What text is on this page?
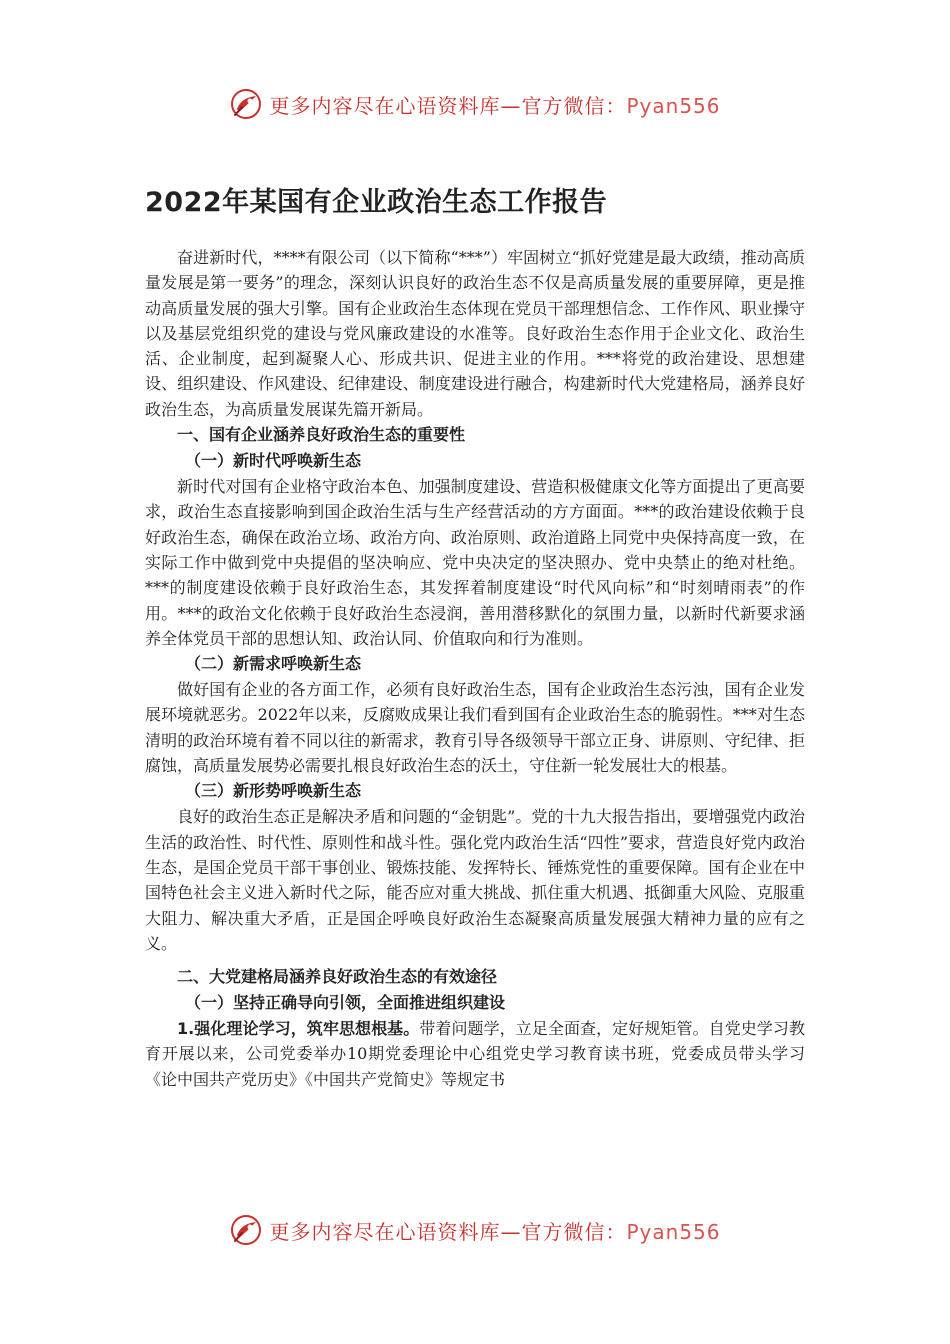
更多内容尽在心语资料库—官方微信：Pyan556
2022年某国有企业政治生态工作报告

奋进新时代，****有限公司（以下简称“***”）牢固树立“抓好党建是最大政绩，推动高质量发展是第一要务”的理念，深刻认识良好的政治生态不仅是高质量发展的重要屏障，更是推动高质量发展的强大引擎。国有企业政治生态体现在党员干部理想信念、工作作风、职业操守以及基层党组织党的建设与党风廉政建设的水准等。良好政治生态作用于企业文化、政治生活、企业制度，起到凝聚人心、形成共识、促进主业的作用。***将党的政治建设、思想建设、组织建设、作风建设、纪律建设、制度建设进行融合，构建新时代大党建格局，涵养良好政治生态，为高质量发展谋先篇开新局。

一、国有企业涵养良好政治生态的重要性
（一）新时代呼唤新生态

新时代对国有企业格守政治本色、加强制度建设、营造积极健康文化等方面提出了更高要求，政治生态直接影响到国企政治生活与生产经营活动的方方面面。***的政治建设依赖于良好政治生态，确保在政治立场、政治方向、政治原则、政治道路上同党中央保持高度一致，在实际工作中做到党中央提倡的坚决响应、党中央决定的坚决照办、党中央禁止的绝对杜绝。***的制度建设依赖于良好政治生态，其发挥着制度建设“时代风向标”和“时刻晴雨表”的作用。***的政治文化依赖于良好政治生态浸润，善用潜移默化的氛围力量，以新时代新要求涵养全体党员干部的思想认知、政治认同、价值取向和行为准则。

（二）新需求呼唤新生态

做好国有企业的各方面工作，必须有良好政治生态，国有企业政治生态污浊，国有企业发展环境就恶劣。2022年以来，反腐败成果让我们看到国有企业政治生态的脆弱性。***对生态清明的政治环境有着不同以往的新需求，教育引导各级领导干部立正身、讲原则、守纪律、拒腐蚀，高质量发展势必需要扎根良好政治生态的沃土，守住新一轮发展壮大的根基。

（三）新形势呼唤新生态

良好的政治生态正是解决矛盾和问题的“金钥匙”。党的十九大报告指出，要增强党内政治生活的政治性、时代性、原则性和战斗性。强化党内政治生活“四性”要求，营造良好党内政治生态，是国企党员干部干事创业、锻炼技能、发挥特长、锤炼党性的重要保障。国有企业在中国特色社会主义进入新时代之际，能否应对重大挑战、抓住重大机遇、抵御重大风险、克服重大阻力、解决重大矛盾，正是国企呼唤良好政治生态凝聚高质量发展强大精神力量的应有之义。

二、大党建格局涵养良好政治生态的有效途径
（一）坚持正确导向引领，全面推进组织建设

1.强化理论学习，筑牢思想根基。带着问题学，立足全面查，定好规矩管。自党史学习教育开展以来，公司党委举办10期党委理论中心组党史学习教育读书班，党委成员带头学习《论中国共产党历史》《中国共产党简史》等规定书

更多内容尽在心语资料库—官方微信：Pyan556
